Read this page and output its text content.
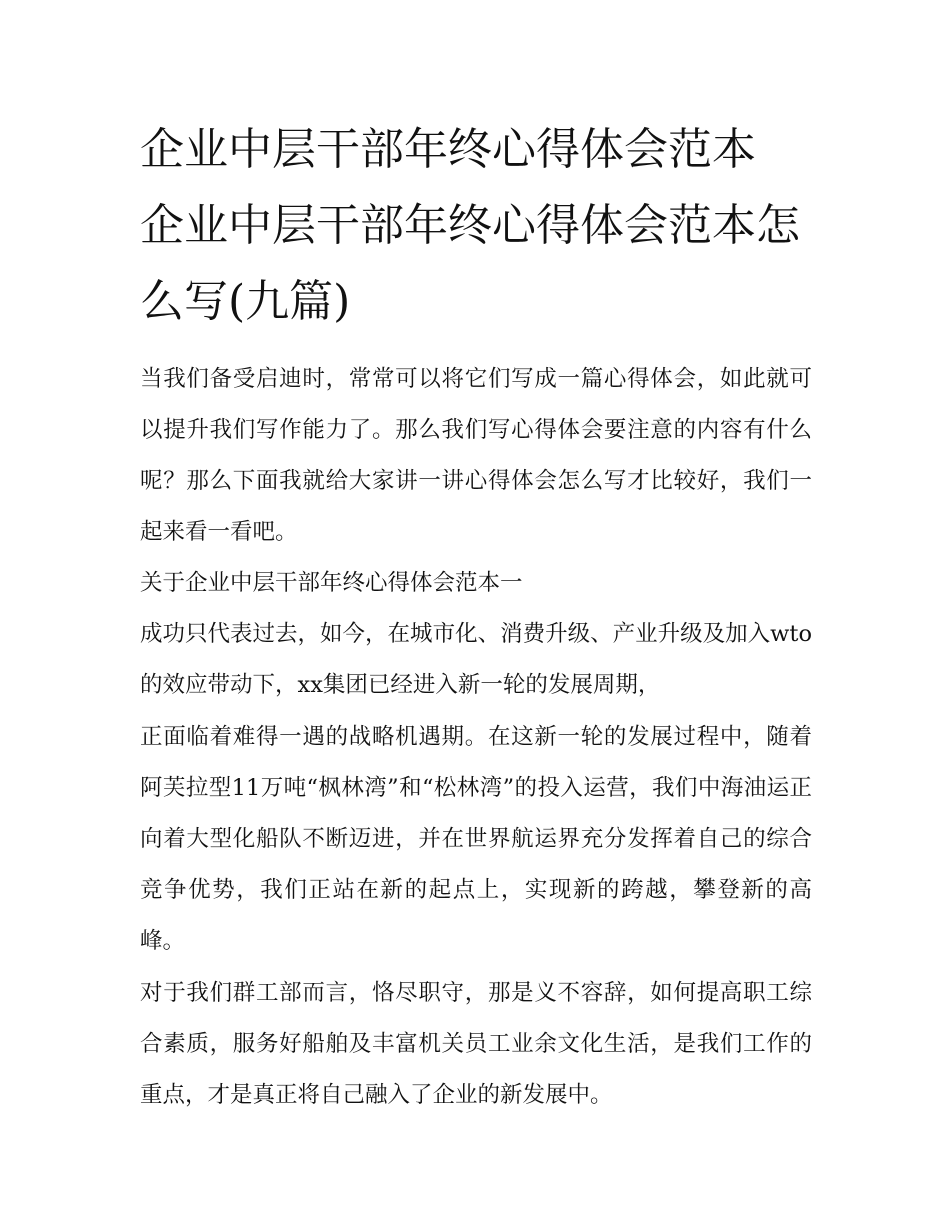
企业中层干部年终心得体会范本 企业中层干部年终心得体会范本怎么写(九篇)

当我们备受启迪时，常常可以将它们写成一篇心得体会，如此就可以提升我们写作能力了。那么我们写心得体会要注意的内容有什么呢？那么下面我就给大家讲一讲心得体会怎么写才比较好，我们一起来看一看吧。

关于企业中层干部年终心得体会范本一

成功只代表过去，如今，在城市化、消费升级、产业升级及加入wto的效应带动下，xx集团已经进入新一轮的发展周期，

正面临着难得一遇的战略机遇期。在这新一轮的发展过程中，随着阿芙拉型11万吨“枫林湾”和“松林湾”的投入运营，我们中海油运正向着大型化船队不断迈进，并在世界航运界充分发挥着自己的综合竞争优势，我们正站在新的起点上，实现新的跨越，攀登新的高峰。

对于我们群工部而言，恪尽职守，那是义不容辞，如何提高职工综合素质，服务好船舶及丰富机关员工业余文化生活，是我们工作的重点，才是真正将自己融入了企业的新发展中。
